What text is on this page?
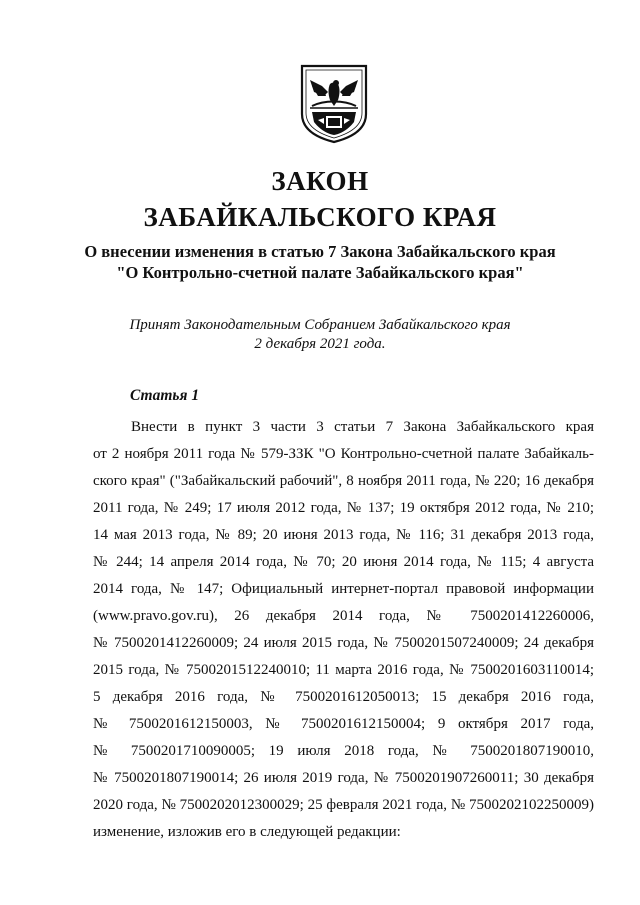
ЗАКОН
ЗАБАЙКАЛЬСКОГО КРАЯ
О внесении изменения в статью 7 Закона Забайкальского края
"О Контрольно-счетной палате Забайкальского края"
Принят Законодательным Собранием Забайкальского края
2 декабря 2021 года.
Статья 1
Внести в пункт 3 части 3 статьи 7 Закона Забайкальского края
от 2 ноября 2011 года № 579-ЗЗК "О Контрольно-счетной палате Забайкаль-
ского края" ("Забайкальский рабочий", 8 ноября 2011 года, № 220; 16 декабря
2011 года, № 249; 17 июля 2012 года, № 137; 19 октября 2012 года, № 210;
14 мая 2013 года, № 89; 20 июня 2013 года, № 116; 31 декабря 2013 года,
№ 244; 14 апреля 2014 года, № 70; 20 июня 2014 года, № 115; 4 августа
2014 года, № 147; Официальный интернет-портал правовой информации
(www.pravo.gov.ru), 26 декабря 2014 года, № 7500201412260006,
№ 7500201412260009; 24 июля 2015 года, № 7500201507240009; 24 декабря
2015 года, № 7500201512240010; 11 марта 2016 года, № 7500201603110014;
5 декабря 2016 года, № 7500201612050013; 15 декабря 2016 года,
№ 7500201612150003, № 7500201612150004; 9 октября 2017 года,
№ 7500201710090005; 19 июля 2018 года, № 7500201807190010,
№ 7500201807190014; 26 июля 2019 года, № 7500201907260011; 30 декабря
2020 года, № 7500202012300029; 25 февраля 2021 года, № 7500202102250009)
изменение, изложив его в следующей редакции:
